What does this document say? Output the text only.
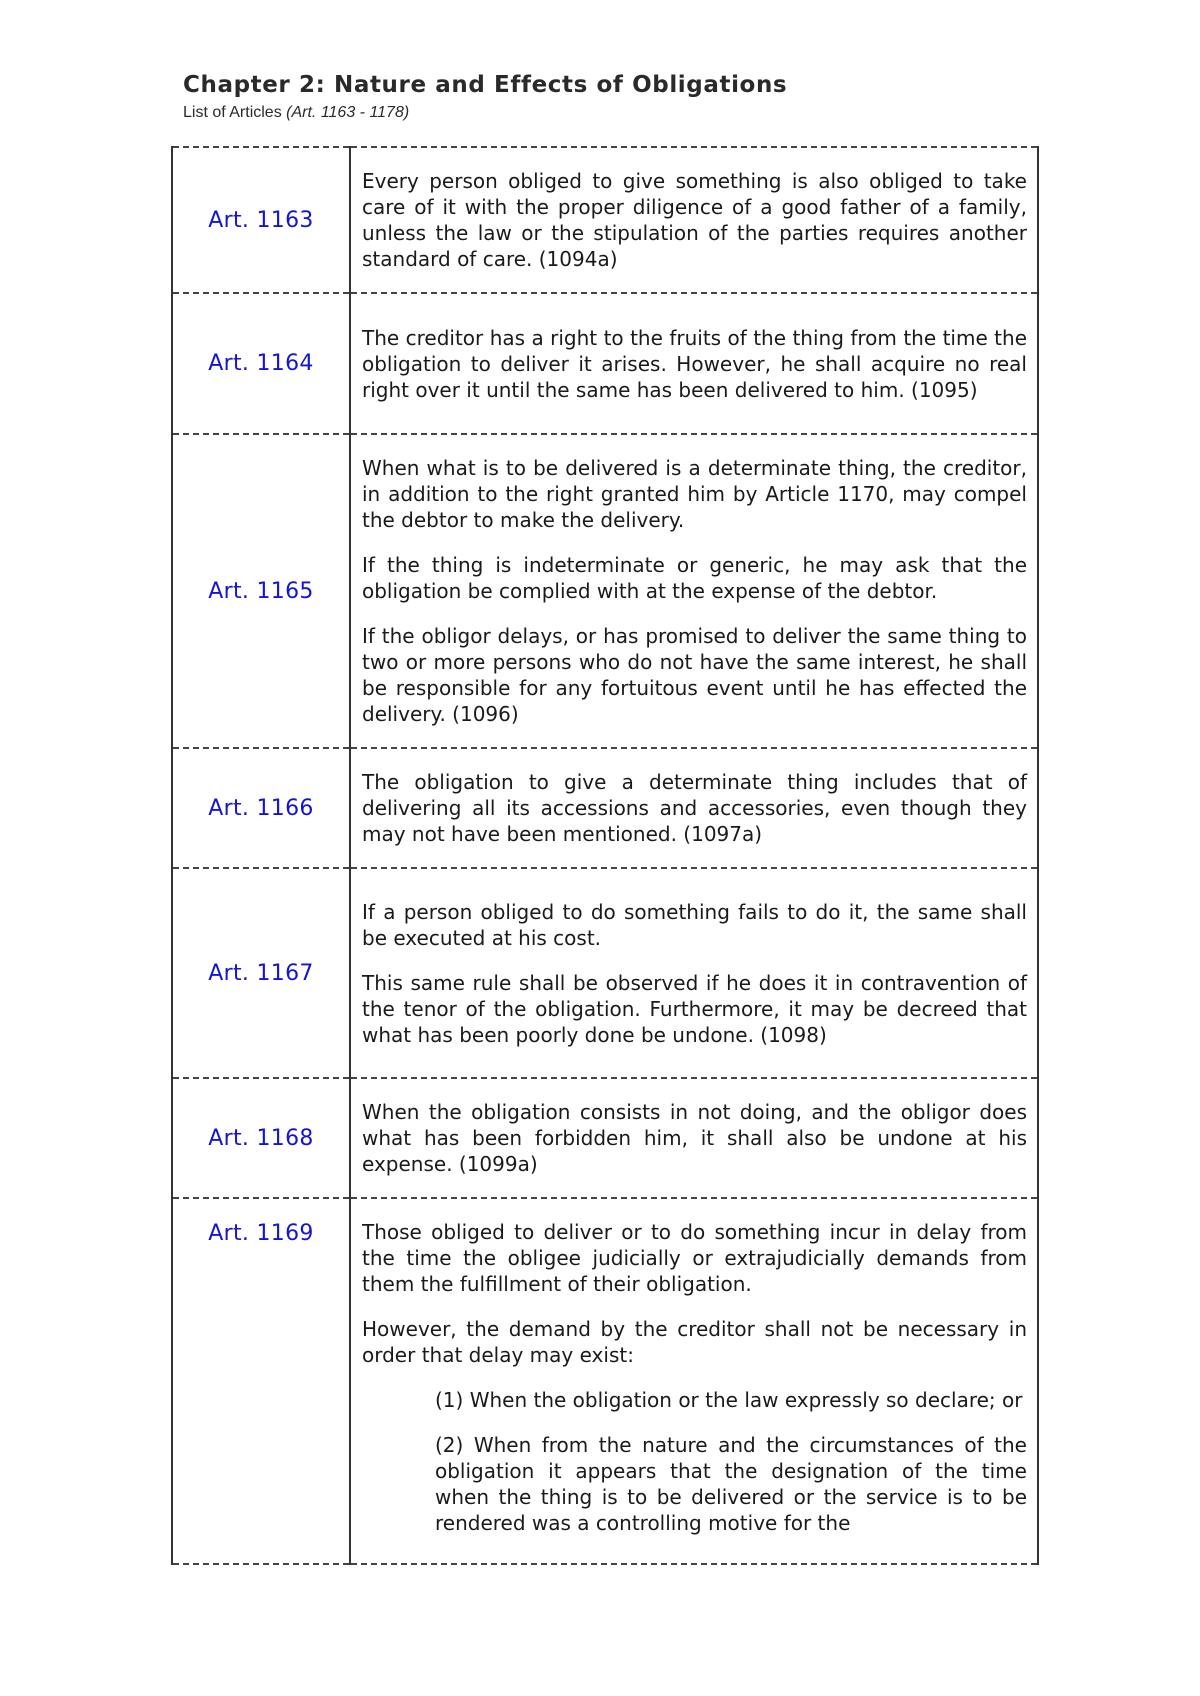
Chapter 2: Nature and Effects of Obligations

List of Articles (Art. 1163 - 1178)

Art. 1163	Every person obliged to give something is also obliged to take care of it with the proper diligence of a good father of a family, unless the law or the stipulation of the parties requires another standard of care. (1094a)

Art. 1164	The creditor has a right to the fruits of the thing from the time the obligation to deliver it arises. However, he shall acquire no real right over it until the same has been delivered to him. (1095)

Art. 1165	When what is to be delivered is a determinate thing, the creditor, in addition to the right granted him by Article 1170, may compel the debtor to make the delivery.

If the thing is indeterminate or generic, he may ask that the obligation be complied with at the expense of the debtor.

If the obligor delays, or has promised to deliver the same thing to two or more persons who do not have the same interest, he shall be responsible for any fortuitous event until he has effected the delivery. (1096)

Art. 1166	The obligation to give a determinate thing includes that of delivering all its accessions and accessories, even though they may not have been mentioned. (1097a)

Art. 1167	If a person obliged to do something fails to do it, the same shall be executed at his cost.

This same rule shall be observed if he does it in contravention of the tenor of the obligation. Furthermore, it may be decreed that what has been poorly done be undone. (1098)

Art. 1168	When the obligation consists in not doing, and the obligor does what has been forbidden him, it shall also be undone at his expense. (1099a)

Art. 1169	Those obliged to deliver or to do something incur in delay from the time the obligee judicially or extrajudicially demands from them the fulfillment of their obligation.

However, the demand by the creditor shall not be necessary in order that delay may exist:

(1) When the obligation or the law expressly so declare; or

(2) When from the nature and the circumstances of the obligation it appears that the designation of the time when the thing is to be delivered or the service is to be rendered was a controlling motive for the
